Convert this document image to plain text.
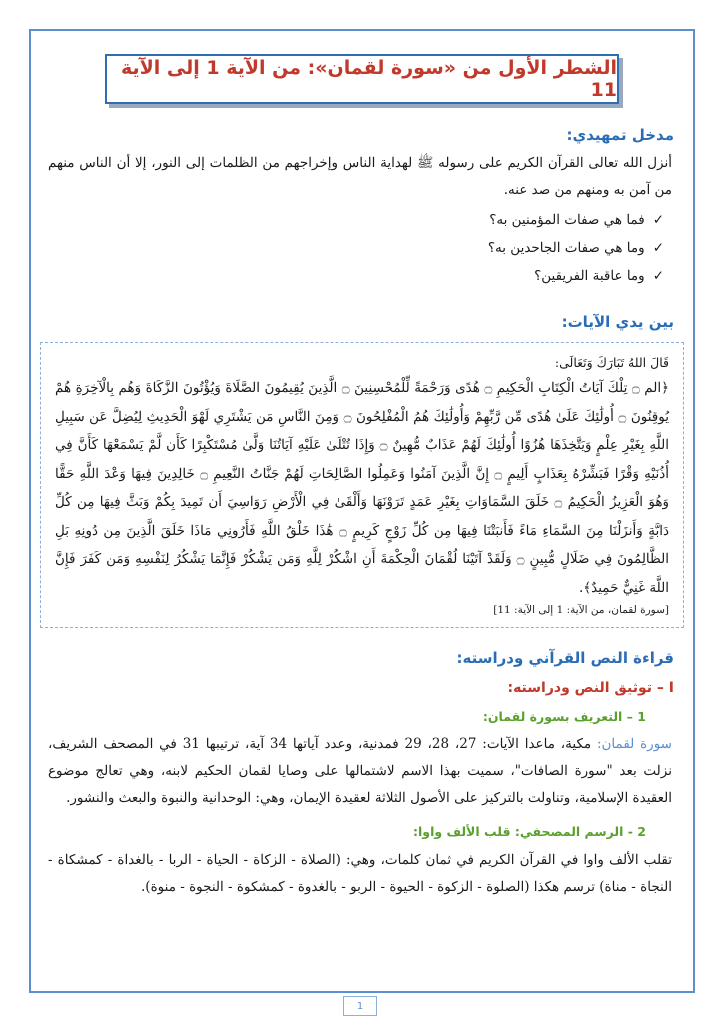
الشطر الأول من «سورة لقمان»: من الآية 1 إلى الآية 11
مدخل تمهيدي:

أنزل الله تعالى القرآن الكريم على رسوله ﷺ لهداية الناس وإخراجهم من الظلمات إلى النور، إلا أن الناس منهم من آمن به ومنهم من صد عنه.

✓فما هي صفات المؤمنين به؟
✓وما هي صفات الجاحدين به؟
✓وما عاقبة الفريقين؟
بين يدي الآيات:

قَالَ اللهُ تَبَارَكَ وَتَعَالَى:

﴿الم ۝ تِلْكَ آيَاتُ الْكِتَابِ الْحَكِيمِ ۝ هُدًى وَرَحْمَةً لِّلْمُحْسِنِينَ ۝ الَّذِينَ يُقِيمُونَ الصَّلَاةَ وَيُؤْتُونَ الزَّكَاةَ وَهُم بِالْآخِرَةِ هُمْ يُوقِنُونَ ۝ أُولَٰئِكَ عَلَىٰ هُدًى مِّن رَّبِّهِمْ وَأُولَٰئِكَ هُمُ الْمُفْلِحُونَ ۝ وَمِنَ النَّاسِ مَن يَشْتَرِي لَهْوَ الْحَدِيثِ لِيُضِلَّ عَن سَبِيلِ اللَّهِ بِغَيْرِ عِلْمٍ وَيَتَّخِذَهَا هُزُوًا أُولَٰئِكَ لَهُمْ عَذَابٌ مُّهِينٌ ۝ وَإِذَا تُتْلَىٰ عَلَيْهِ آيَاتُنَا وَلَّىٰ مُسْتَكْبِرًا كَأَن لَّمْ يَسْمَعْهَا كَأَنَّ فِي أُذُنَيْهِ وَقْرًا فَبَشِّرْهُ بِعَذَابٍ أَلِيمٍ ۝ إِنَّ الَّذِينَ آمَنُوا وَعَمِلُوا الصَّالِحَاتِ لَهُمْ جَنَّاتُ النَّعِيمِ ۝ خَالِدِينَ فِيهَا وَعْدَ اللَّهِ حَقًّا وَهُوَ الْعَزِيزُ الْحَكِيمُ ۝ خَلَقَ السَّمَاوَاتِ بِغَيْرِ عَمَدٍ تَرَوْنَهَا وَأَلْقَىٰ فِي الْأَرْضِ رَوَاسِيَ أَن تَمِيدَ بِكُمْ وَبَثَّ فِيهَا مِن كُلِّ دَابَّةٍ وَأَنزَلْنَا مِنَ السَّمَاءِ مَاءً فَأَنبَتْنَا فِيهَا مِن كُلِّ زَوْجٍ كَرِيمٍ ۝ هَٰذَا خَلْقُ اللَّهِ فَأَرُونِي مَاذَا خَلَقَ الَّذِينَ مِن دُونِهِ بَلِ الظَّالِمُونَ فِي ضَلَالٍ مُّبِينٍ ۝ وَلَقَدْ آتَيْنَا لُقْمَانَ الْحِكْمَةَ أَنِ اشْكُرْ لِلَّهِ وَمَن يَشْكُرْ فَإِنَّمَا يَشْكُرُ لِنَفْسِهِ وَمَن كَفَرَ فَإِنَّ اللَّهَ غَنِيٌّ حَمِيدٌ﴾.

[سورة لقمان، من الآية: 1 إلى الآية: 11]

قراءة النص القرآني ودراسته:
I – توثيق النص ودراسته:
1 – التعريف بسورة لقمان:

سورة لقمان: مكية، ماعدا الآيات: 27، 28، 29 فمدنية، وعدد آياتها 34 آية، ترتيبها 31 في المصحف الشريف، نزلت بعد "سورة الصافات"، سميت بهذا الاسم لاشتمالها على وصايا لقمان الحكيم لابنه، وهي تعالج موضوع العقيدة الإسلامية، وتناولت بالتركيز على الأصول الثلاثة لعقيدة الإيمان، وهي: الوحدانية والنبوة والبعث والنشور.

2 - الرسم المصحفي: قلب الألف واوا:

تقلب الألف واوا في القرآن الكريم في ثمان كلمات، وهي: (الصلاة - الزكاة - الحياة - الربا - بالغداة - كمشكاة - النجاة - مناة) ترسم هكذا (الصلوة - الزكوة - الحيوة - الربو - بالغدوة - كمشكوة - النجوة - منوة).

1
